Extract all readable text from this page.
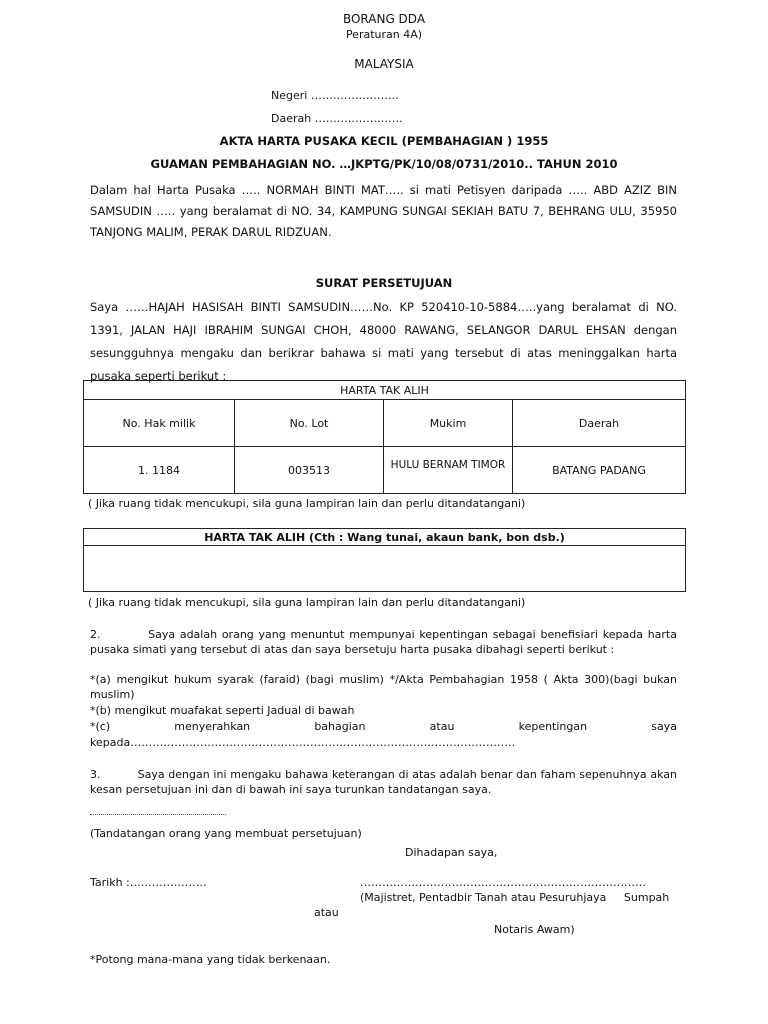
BORANG DDA
Peraturan 4A)
MALAYSIA
Negeri ……………………
Daerah ……………………
AKTA HARTA PUSAKA KECIL (PEMBAHAGIAN ) 1955
GUAMAN PEMBAHAGIAN NO. …JKPTG/PK/10/08/0731/2010.. TAHUN 2010
Dalam hal Harta Pusaka ….. NORMAH BINTI MAT….. si mati Petisyen daripada ….. ABD AZIZ BIN SAMSUDIN ….. yang beralamat di NO. 34, KAMPUNG SUNGAI SEKIAH BATU 7, BEHRANG ULU, 35950 TANJONG MALIM, PERAK DARUL RIDZUAN.
SURAT PERSETUJUAN
Saya ……HAJAH HASISAH BINTI SAMSUDIN……No. KP 520410-10-5884…..yang beralamat di NO. 1391, JALAN HAJI IBRAHIM SUNGAI CHOH, 48000 RAWANG, SELANGOR DARUL EHSAN dengan sesungguhnya mengaku dan berikrar bahawa si mati yang tersebut di atas meninggalkan harta pusaka seperti berikut :
HARTA TAK ALIH			
No. Hak milik	No. Lot	Mukim	Daerah
1. 1184	003513	HULU BERNAM TIMOR	BATANG PADANG
( Jika ruang tidak mencukupi, sila guna lampiran lain dan perlu ditandatangani)
HARTA TAK ALIH (Cth : Wang tunai, akaun bank, bon dsb.)

( Jika ruang tidak mencukupi, sila guna lampiran lain dan perlu ditandatangani)
2.          Saya adalah orang yang menuntut mempunyai kepentingan sebagai benefisiari kepada harta pusaka simati yang tersebut di atas dan saya bersetuju harta pusaka dibahagi seperti berikut :
*(a) mengikut hukum syarak (faraid) (bagi muslim) */Akta Pembahagian 1958 ( Akta 300)(bagi bukan muslim)
*(b) mengikut muafakat seperti Jadual di bawah
*(c)	menyerahkan	bahagian	atau	kepentingan	saya
kepada……………………………………………………………………………………………
3.          Saya dengan ini mengaku bahawa keterangan di atas adalah benar dan faham sepenuhnya akan kesan persetujuan ini dan di bawah ini saya turunkan tandatangan saya.
(Tandatangan orang yang membuat persetujuan)
Dihadapan saya,
Tarikh :…………………	……………………………………………………………………
(Majistret, Pentadbir Tanah atau Pesuruhjaya     Sumpah
atau
Notaris Awam)
*Potong mana-mana yang tidak berkenaan.
